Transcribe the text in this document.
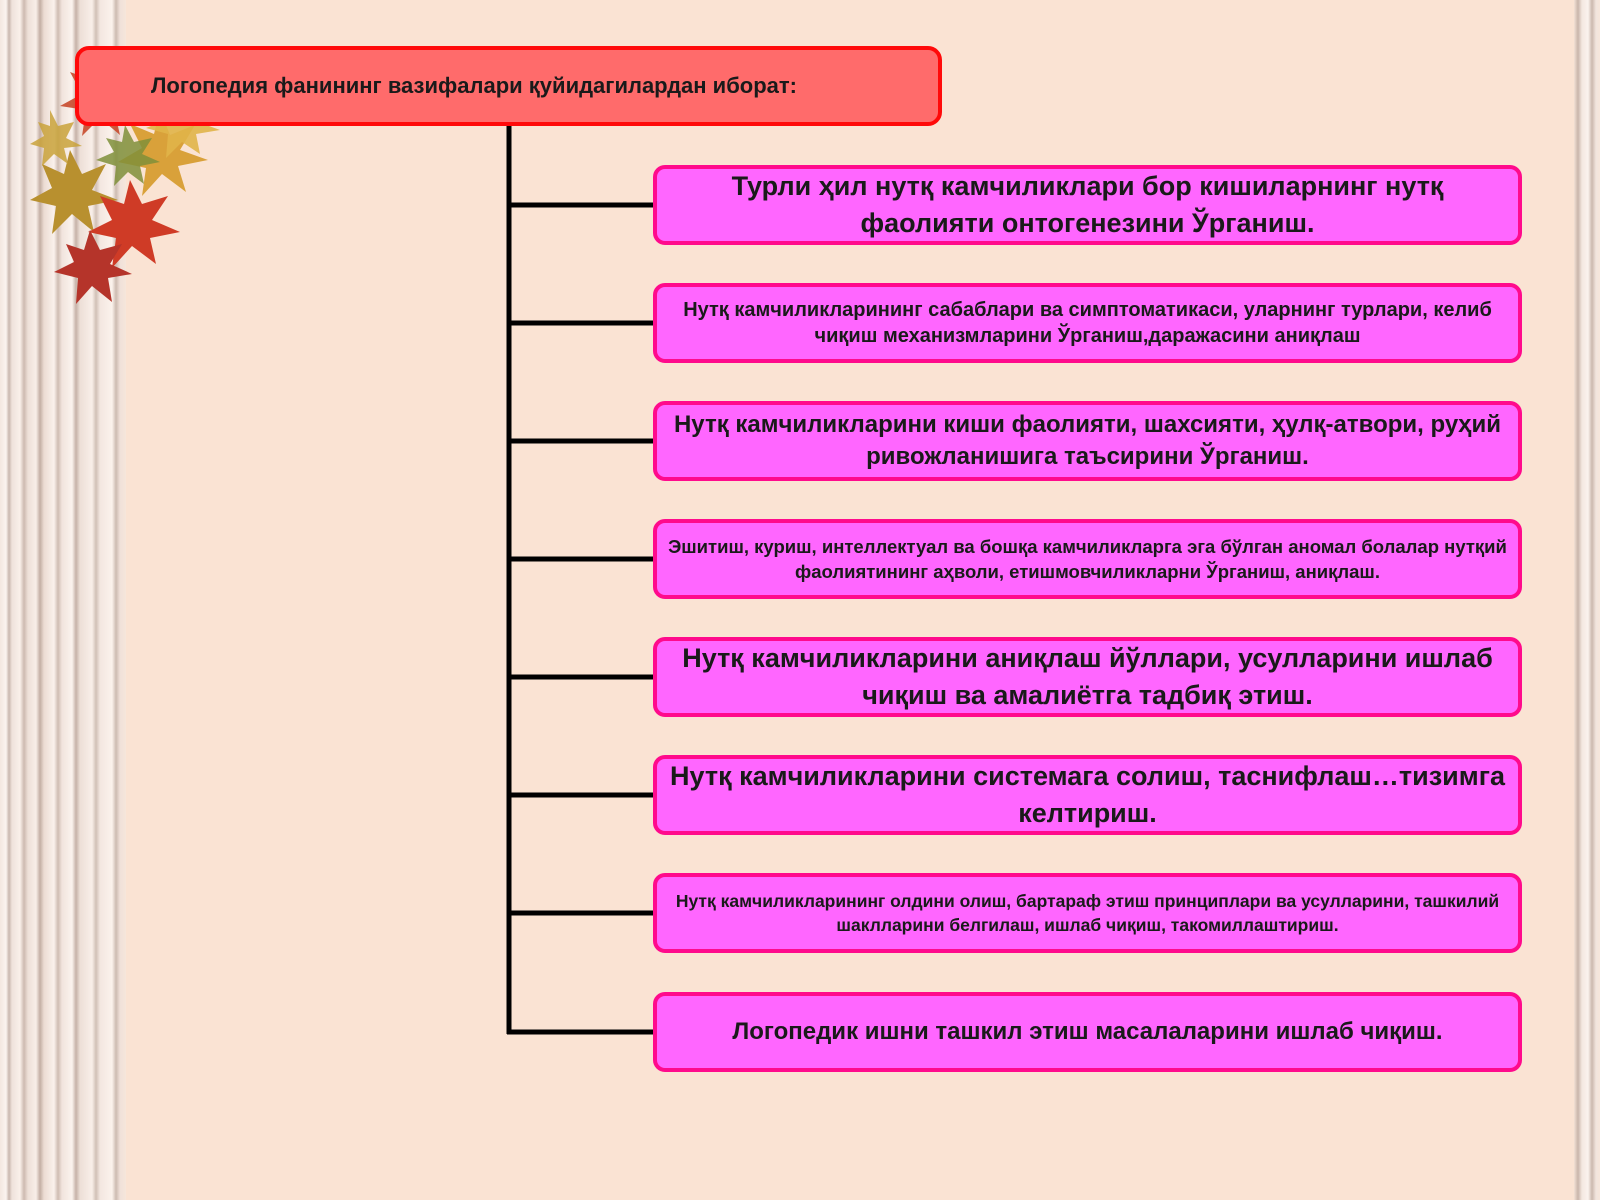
Логопедия фанининг вазифалари қуйидагилардан иборат:
Турли ҳил нутқ камчиликлари бор кишиларнинг нутқ фаолияти онтогенезини Ўрганиш.
Нутқ камчиликларининг сабаблари ва симптоматикаси, уларнинг турлари, келиб чиқиш механизмларини Ўрганиш,даражасини аниқлаш
Нутқ камчиликларини киши фаолияти, шахсияти, ҳулқ-атвори, руҳий ривожланишига таъсирини Ўрганиш.
Эшитиш, куриш, интеллектуал ва бошқа камчиликларга эга бўлган аномал болалар нутқий фаолиятининг аҳволи, етишмовчиликларни Ўрганиш, аниқлаш.
Нутқ камчиликларини аниқлаш йўллари, усулларини ишлаб чиқиш ва амалиётга тадбиқ этиш.
Нутқ камчиликларини системага солиш, таснифлаш…тизимга келтириш.
Нутқ камчиликларининг олдини олиш, бартараф этиш принциплари ва усулларини, ташкилий шаклларини белгилаш, ишлаб чиқиш, такомиллаштириш.
Логопедик ишни ташкил этиш масалаларини ишлаб чиқиш.
